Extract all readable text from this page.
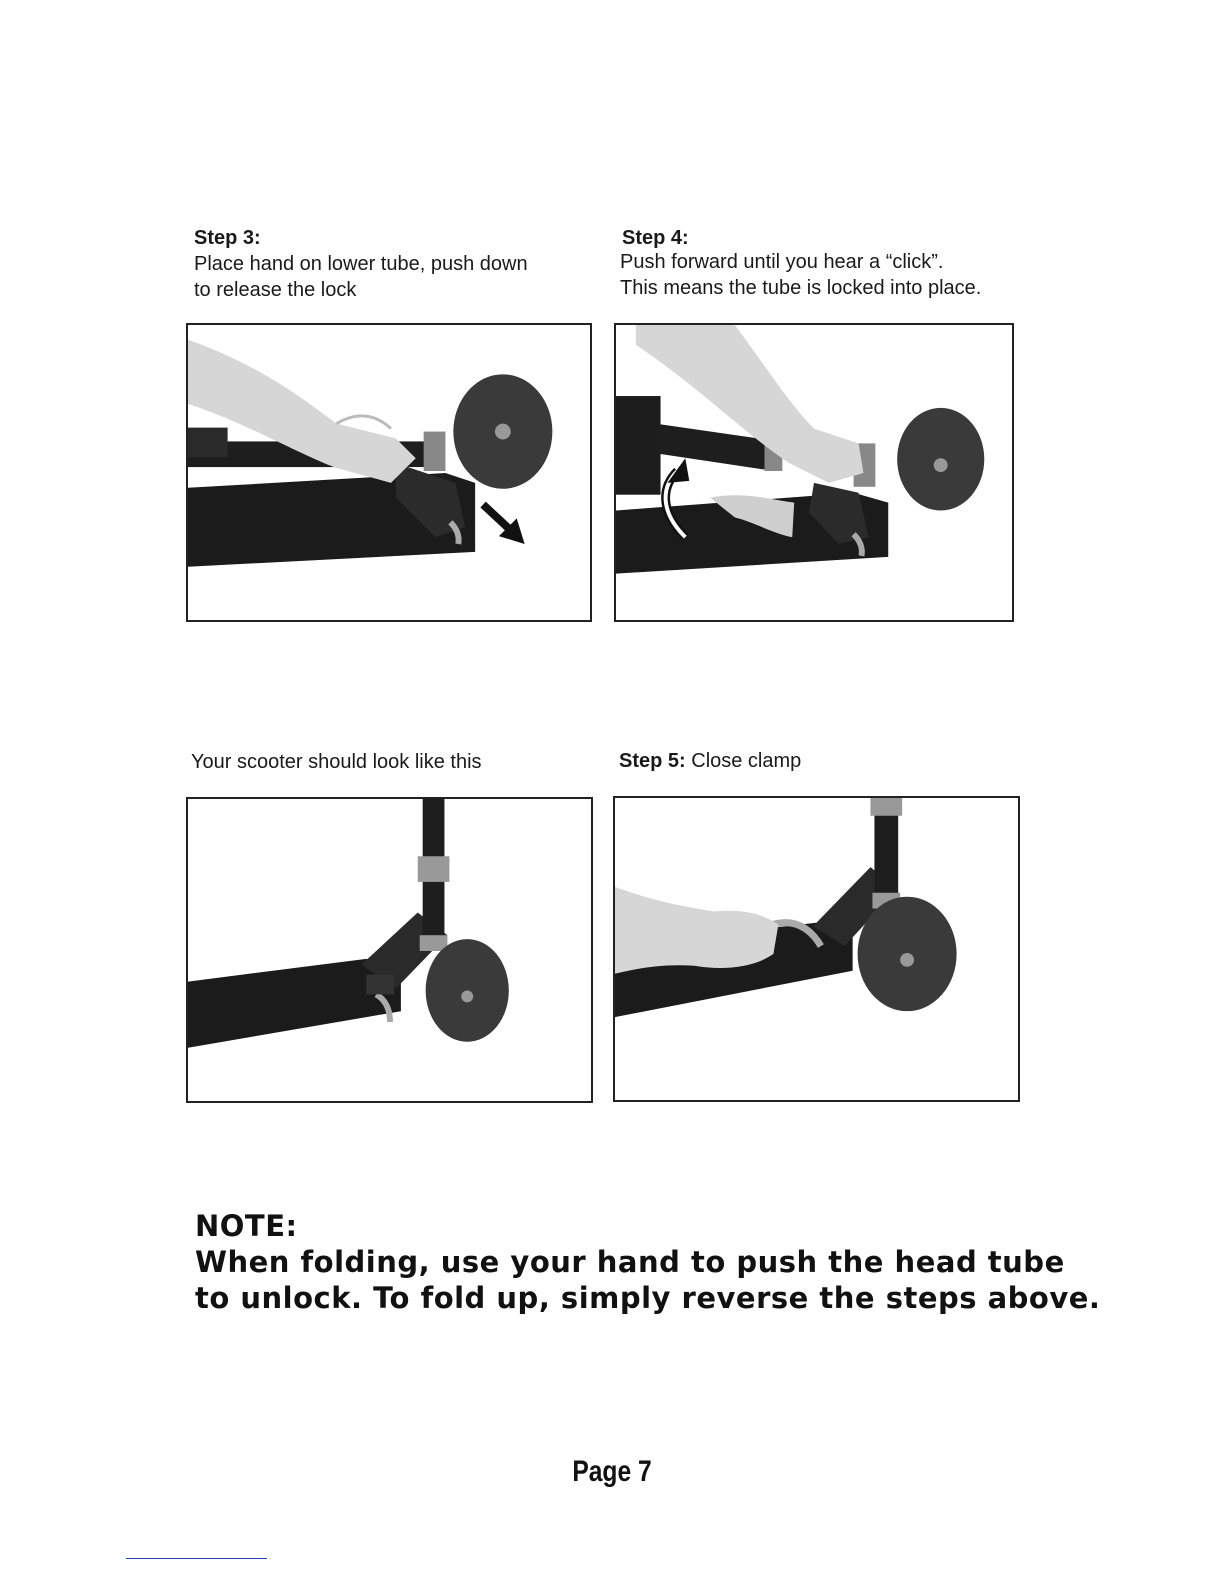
Step 3:
Place hand on lower tube, push down
to release the lock
Step 4:
Push forward until you hear a “click”.
This means the tube is locked into place.
Your scooter should look like this	Step 5: Close clamp
NOTE:
When folding, use your hand to push the head tube
to unlock. To fold up, simply reverse the steps above.
Page 7
